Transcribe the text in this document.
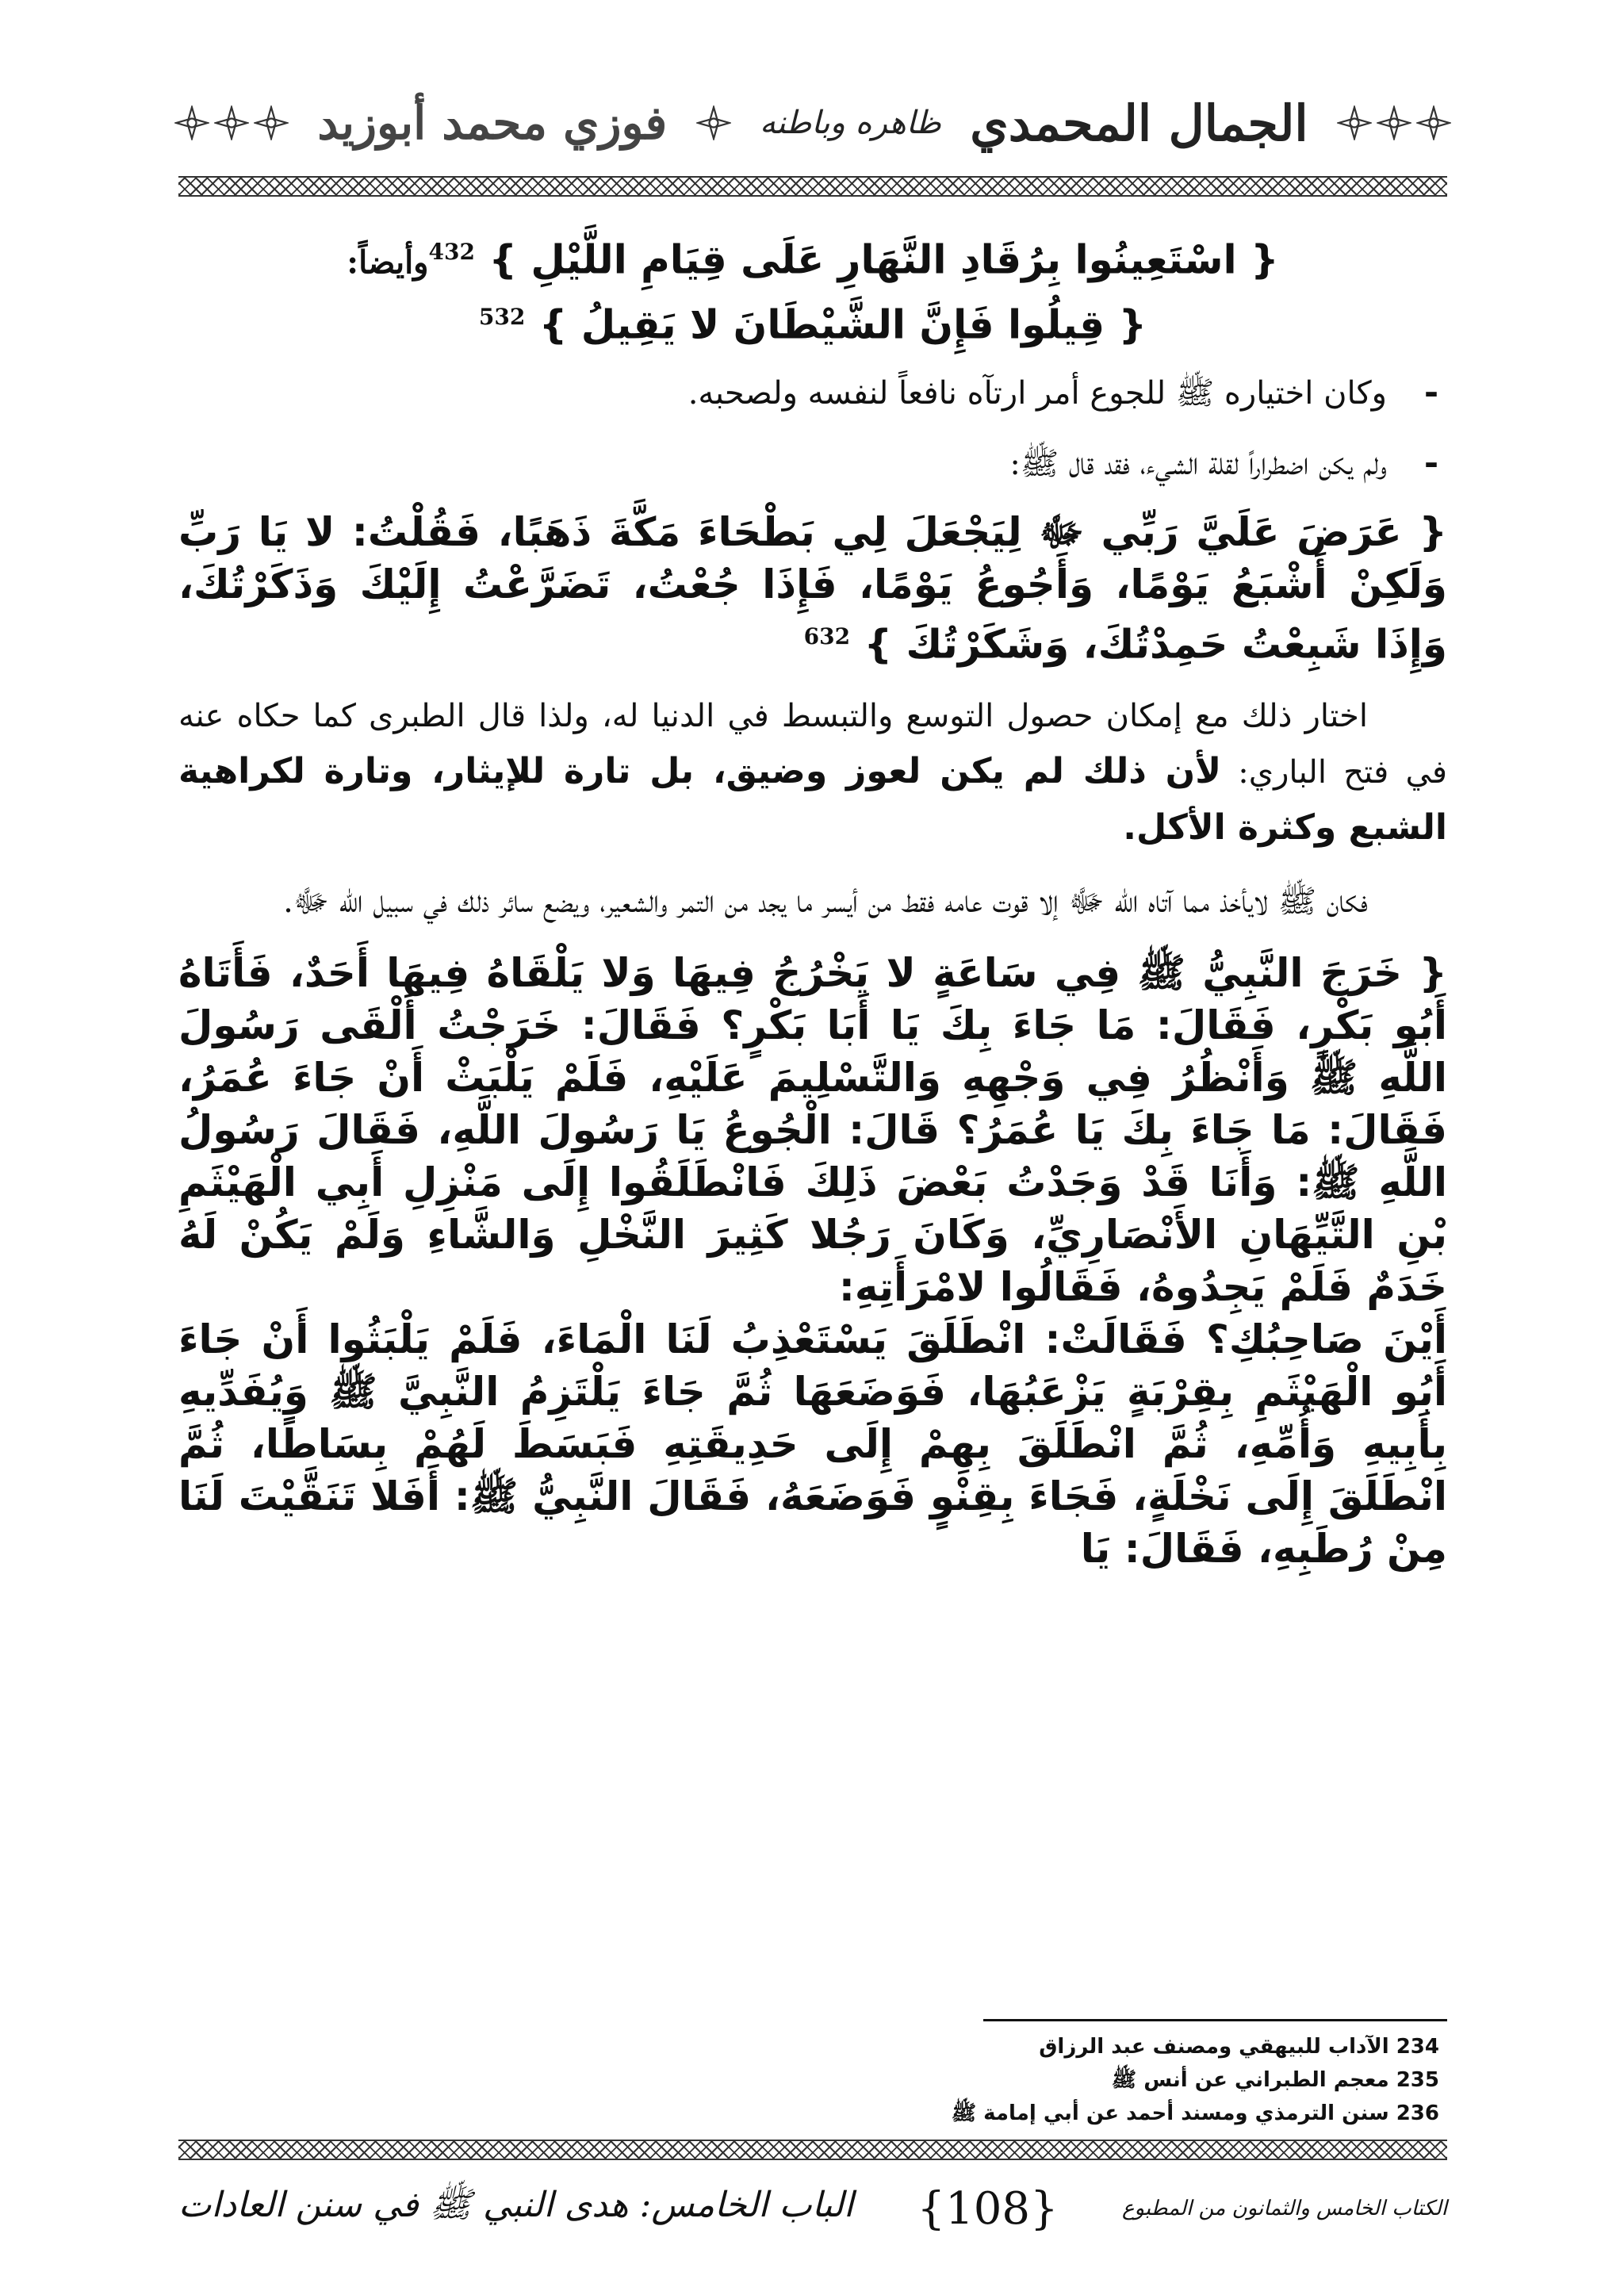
الجمال المحمدي
ظاهره وباطنه
فوزي محمد أبوزيد
{ اسْتَعِينُوا بِرُقَادِ النَّهَارِ عَلَى قِيَامِ اللَّيْلِ } $^{432}$وأيضاً:
{ قِيلُوا فَإِنَّ الشَّيْطَانَ لا يَقِيلُ } $^{532}$
-
وكان اختياره ﷺ للجوع أمر ارتآه نافعاً لنفسه ولصحبه.
-
ولم يكن اضطراراً لقلة الشيء، فقد قال ﷺ:
{ عَرَضَ عَلَيَّ رَبِّي ﷻ لِيَجْعَلَ لِي بَطْحَاءَ مَكَّةَ ذَهَبًا، فَقُلْتُ: لا يَا رَبِّ وَلَكِنْ أَشْبَعُ يَوْمًا، وَأَجُوعُ يَوْمًا، فَإِذَا جُعْتُ، تَضَرَّعْتُ إِلَيْكَ وَذَكَرْتُكَ، وَإِذَا شَبِعْتُ حَمِدْتُكَ، وَشَكَرْتُكَ } $^{632}$
اختار ذلك مع إمكان حصول التوسع والتبسط في الدنيا له، ولذا قال الطبرى كما حكاه عنه في فتح الباري: لأن ذلك لم يكن لعوز وضيق، بل تارة للإيثار، وتارة لكراهية الشبع وكثرة الأكل.
فكان ﷺ لايأخذ مما آتاه الله ﷻ إلا قوت عامه فقط من أيسر ما يجد من التمر والشعير، ويضع سائر ذلك في سبيل الله ﷻ.
{ خَرَجَ النَّبِيُّ ﷺ فِي سَاعَةٍ لا يَخْرُجُ فِيهَا وَلا يَلْقَاهُ فِيهَا أَحَدٌ، فَأَتَاهُ أَبُو بَكْرٍ، فَقَالَ: مَا جَاءَ بِكَ يَا أَبَا بَكْرٍ؟ فَقَالَ: خَرَجْتُ أَلْقَى رَسُولَ اللَّهِ ﷺ وَأَنْظُرُ فِي وَجْهِهِ وَالتَّسْلِيمَ عَلَيْهِ، فَلَمْ يَلْبَثْ أَنْ جَاءَ عُمَرُ، فَقَالَ: مَا جَاءَ بِكَ يَا عُمَرُ؟ قَالَ: الْجُوعُ يَا رَسُولَ اللَّهِ، فَقَالَ رَسُولُ اللَّهِ ﷺ: وَأَنَا قَدْ وَجَدْتُ بَعْضَ ذَلِكَ فَانْطَلَقُوا إِلَى مَنْزِلِ أَبِي الْهَيْثَمِ بْنِ التَّيِّهَانِ الأَنْصَارِيِّ، وَكَانَ رَجُلا كَثِيرَ النَّخْلِ وَالشَّاءِ وَلَمْ يَكُنْ لَهُ خَدَمٌ فَلَمْ يَجِدُوهُ، فَقَالُوا لامْرَأَتِهِ:
أَيْنَ صَاحِبُكِ؟ فَقَالَتْ: انْطَلَقَ يَسْتَعْذِبُ لَنَا الْمَاءَ، فَلَمْ يَلْبَثُوا أَنْ جَاءَ أَبُو الْهَيْثَمِ بِقِرْبَةٍ يَزْعَبُهَا، فَوَضَعَهَا ثُمَّ جَاءَ يَلْتَزِمُ النَّبِيَّ ﷺ وَيُفَدِّيهِ بِأَبِيهِ وَأُمِّهِ، ثُمَّ انْطَلَقَ بِهِمْ إِلَى حَدِيقَتِهِ فَبَسَطَ لَهُمْ بِسَاطًا، ثُمَّ انْطَلَقَ إِلَى نَخْلَةٍ، فَجَاءَ بِقِنْوٍ فَوَضَعَهُ، فَقَالَ النَّبِيُّ ﷺ: أَفَلا تَنَقَّيْتَ لَنَا مِنْ رُطَبِهِ، فَقَالَ: يَا
234 الآداب للبيهقي ومصنف عبد الرزاق
235 معجم الطبراني عن أنس ﷺ
236 سنن الترمذي ومسند أحمد عن أبي إمامة ﷺ
الباب الخامس: هدى النبي ﷺ في سنن العادات {108}	الكتاب الخامس والثمانون من المطبوع
